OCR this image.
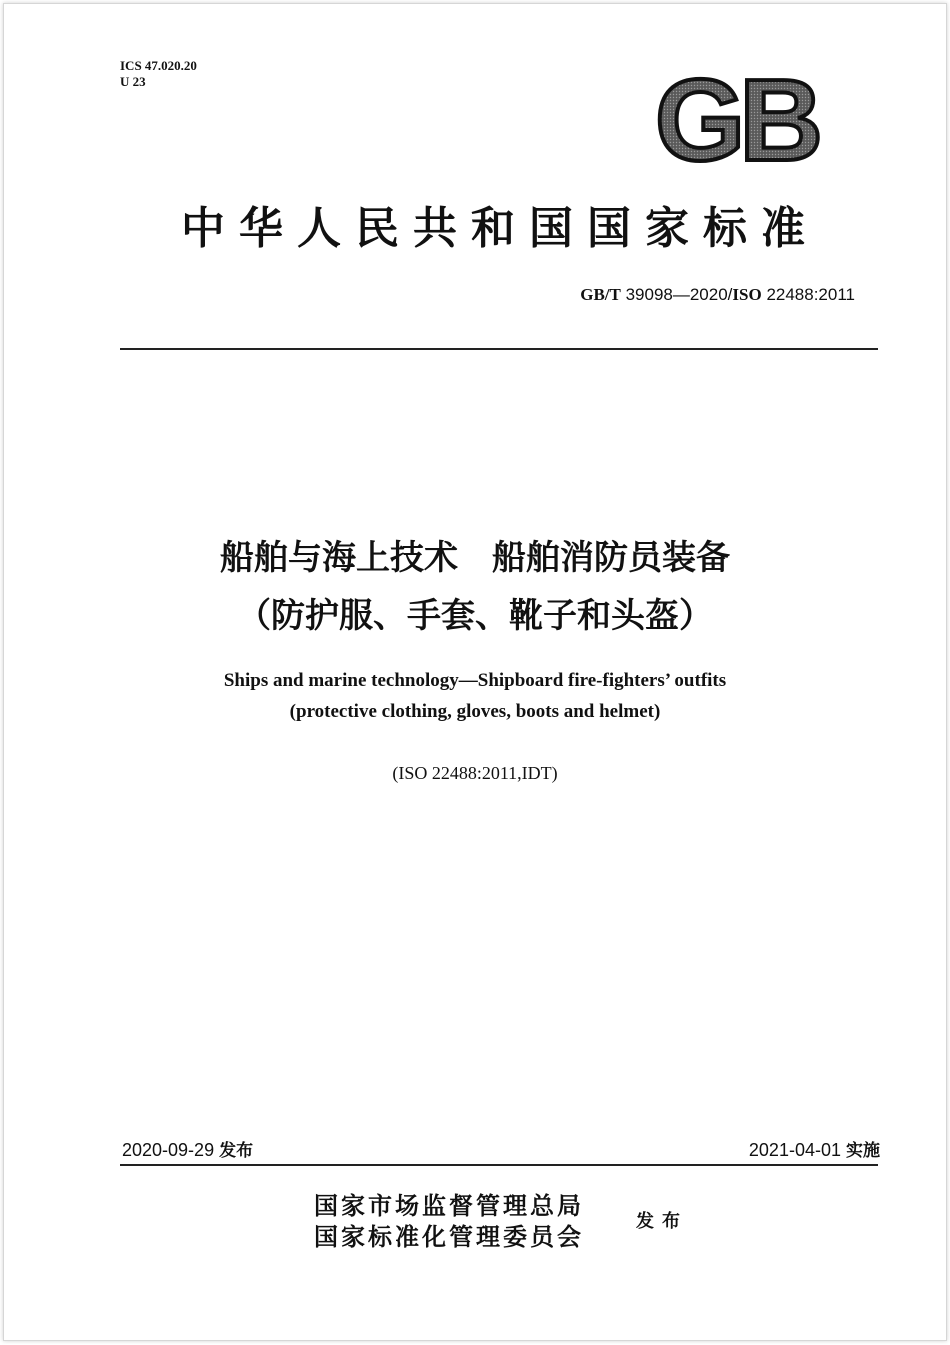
ICS 47.020.20
U 23	GB
中华人民共和国国家标准
GB/T 39098—2020/ISO 22488:2011
船舶与海上技术　船舶消防员装备
（防护服、手套、靴子和头盔）
Ships and marine technology—Shipboard fire-fighters’ outfits
(protective clothing, gloves, boots and helmet)
(ISO 22488:2011,IDT)
2020-09-29 发布	2021-04-01 实施
国家市场监督管理总局
国家标准化管理委员会
发布
